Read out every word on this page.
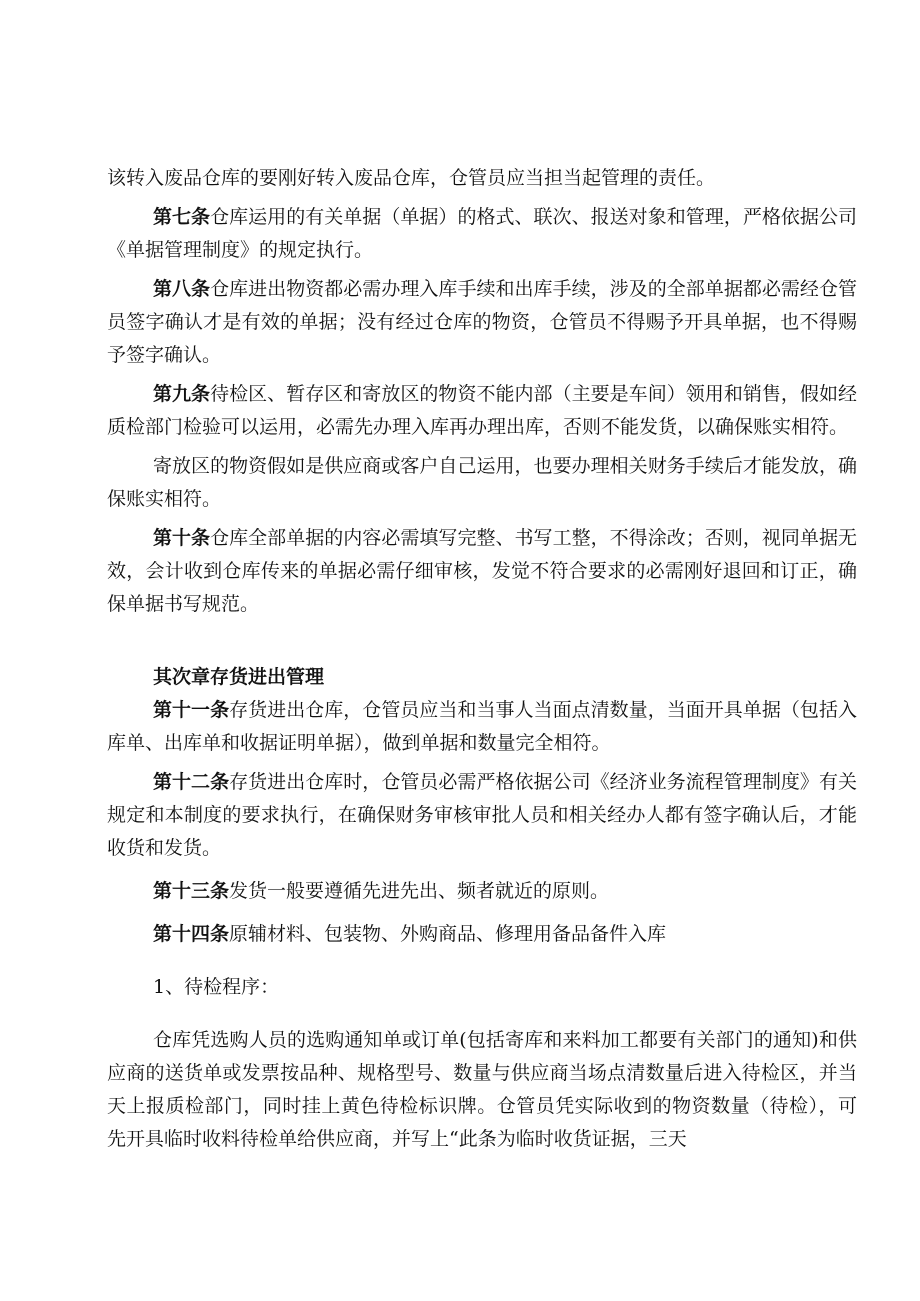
该转入废品仓库的要刚好转入废品仓库，仓管员应当担当起管理的责任。

第七条仓库运用的有关单据（单据）的格式、联次、报送对象和管理，严格依据公司《单据管理制度》的规定执行。

第八条仓库进出物资都必需办理入库手续和出库手续，涉及的全部单据都必需经仓管员签字确认才是有效的单据；没有经过仓库的物资，仓管员不得赐予开具单据，也不得赐予签字确认。

第九条待检区、暂存区和寄放区的物资不能内部（主要是车间）领用和销售，假如经质检部门检验可以运用，必需先办理入库再办理出库，否则不能发货，以确保账实相符。

寄放区的物资假如是供应商或客户自己运用，也要办理相关财务手续后才能发放，确保账实相符。

第十条仓库全部单据的内容必需填写完整、书写工整，不得涂改；否则，视同单据无效，会计收到仓库传来的单据必需仔细审核，发觉不符合要求的必需刚好退回和订正，确保单据书写规范。

其次章存货进出管理

第十一条存货进出仓库，仓管员应当和当事人当面点清数量，当面开具单据（包括入库单、出库单和收据证明单据），做到单据和数量完全相符。

第十二条存货进出仓库时，仓管员必需严格依据公司《经济业务流程管理制度》有关规定和本制度的要求执行，在确保财务审核审批人员和相关经办人都有签字确认后，才能收货和发货。

第十三条发货一般要遵循先进先出、频者就近的原则。

第十四条原辅材料、包装物、外购商品、修理用备品备件入库

1、待检程序：

仓库凭选购人员的选购通知单或订单(包括寄库和来料加工都要有关部门的通知)和供应商的送货单或发票按品种、规格型号、数量与供应商当场点清数量后进入待检区，并当天上报质检部门，同时挂上黄色待检标识牌。仓管员凭实际收到的物资数量（待检），可先开具临时收料待检单给供应商，并写上“此条为临时收货证据，三天
